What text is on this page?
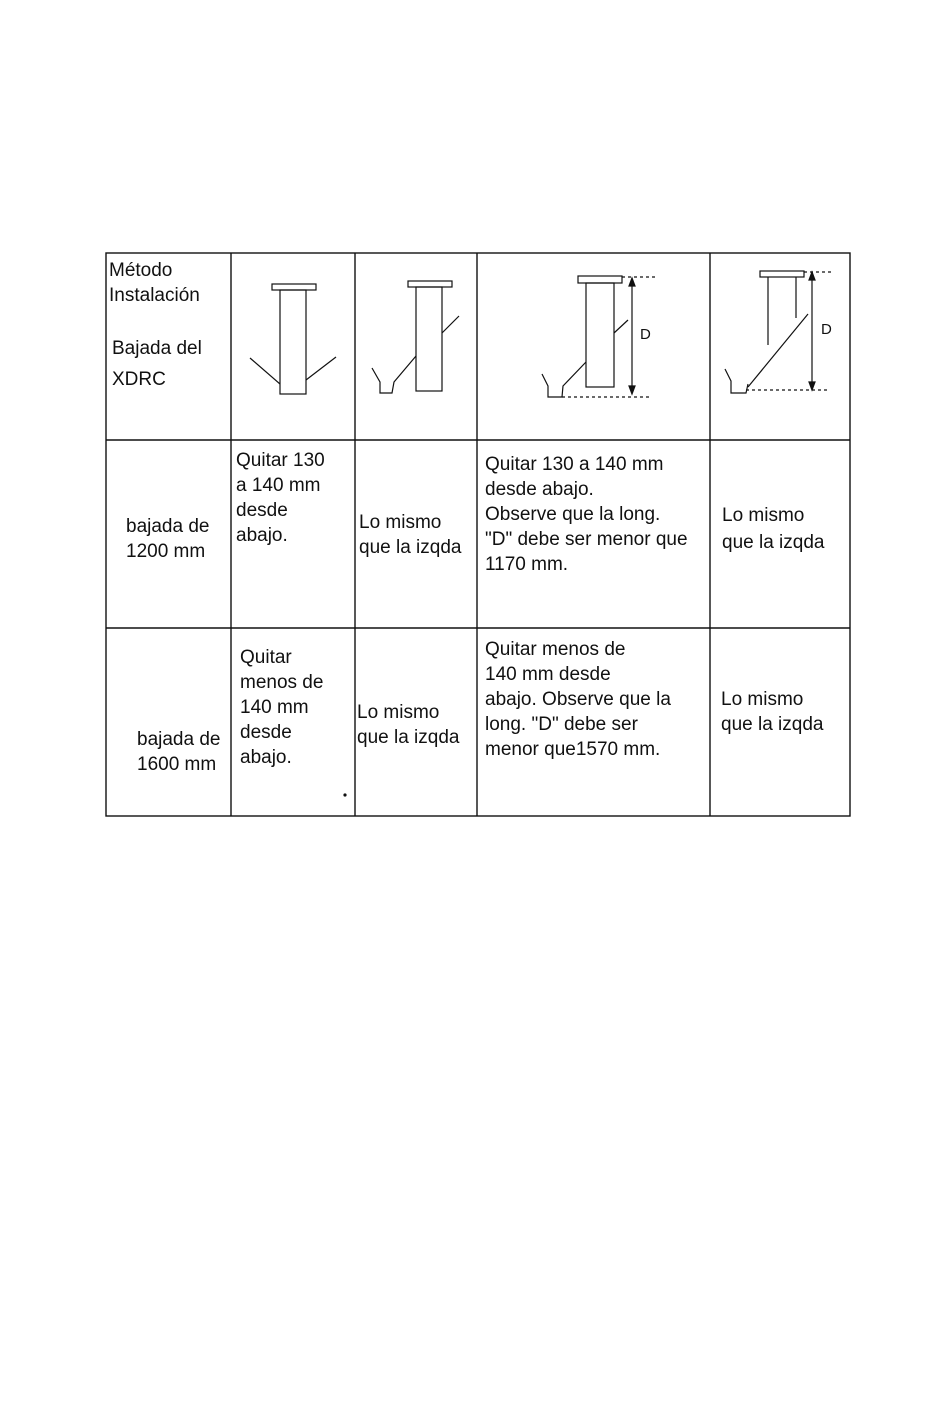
D	D
Método
Instalación
Bajada del
XDRC
bajada de
1200 mm
Quitar 130
a 140 mm
desde
abajo.
Lo mismo
que la izqda
Quitar 130 a 140 mm
desde abajo.
Observe que la long.
"D" debe ser menor que
1170 mm.
Lo mismo
que la izqda

bajada de
1600 mm

Quitar
menos de
140 mm
desde
abajo.
Lo mismo
que la izqda
Quitar menos de
140 mm desde
abajo. Observe que la
long. "D" debe ser
menor que1570 mm.
Lo mismo
que la izqda
